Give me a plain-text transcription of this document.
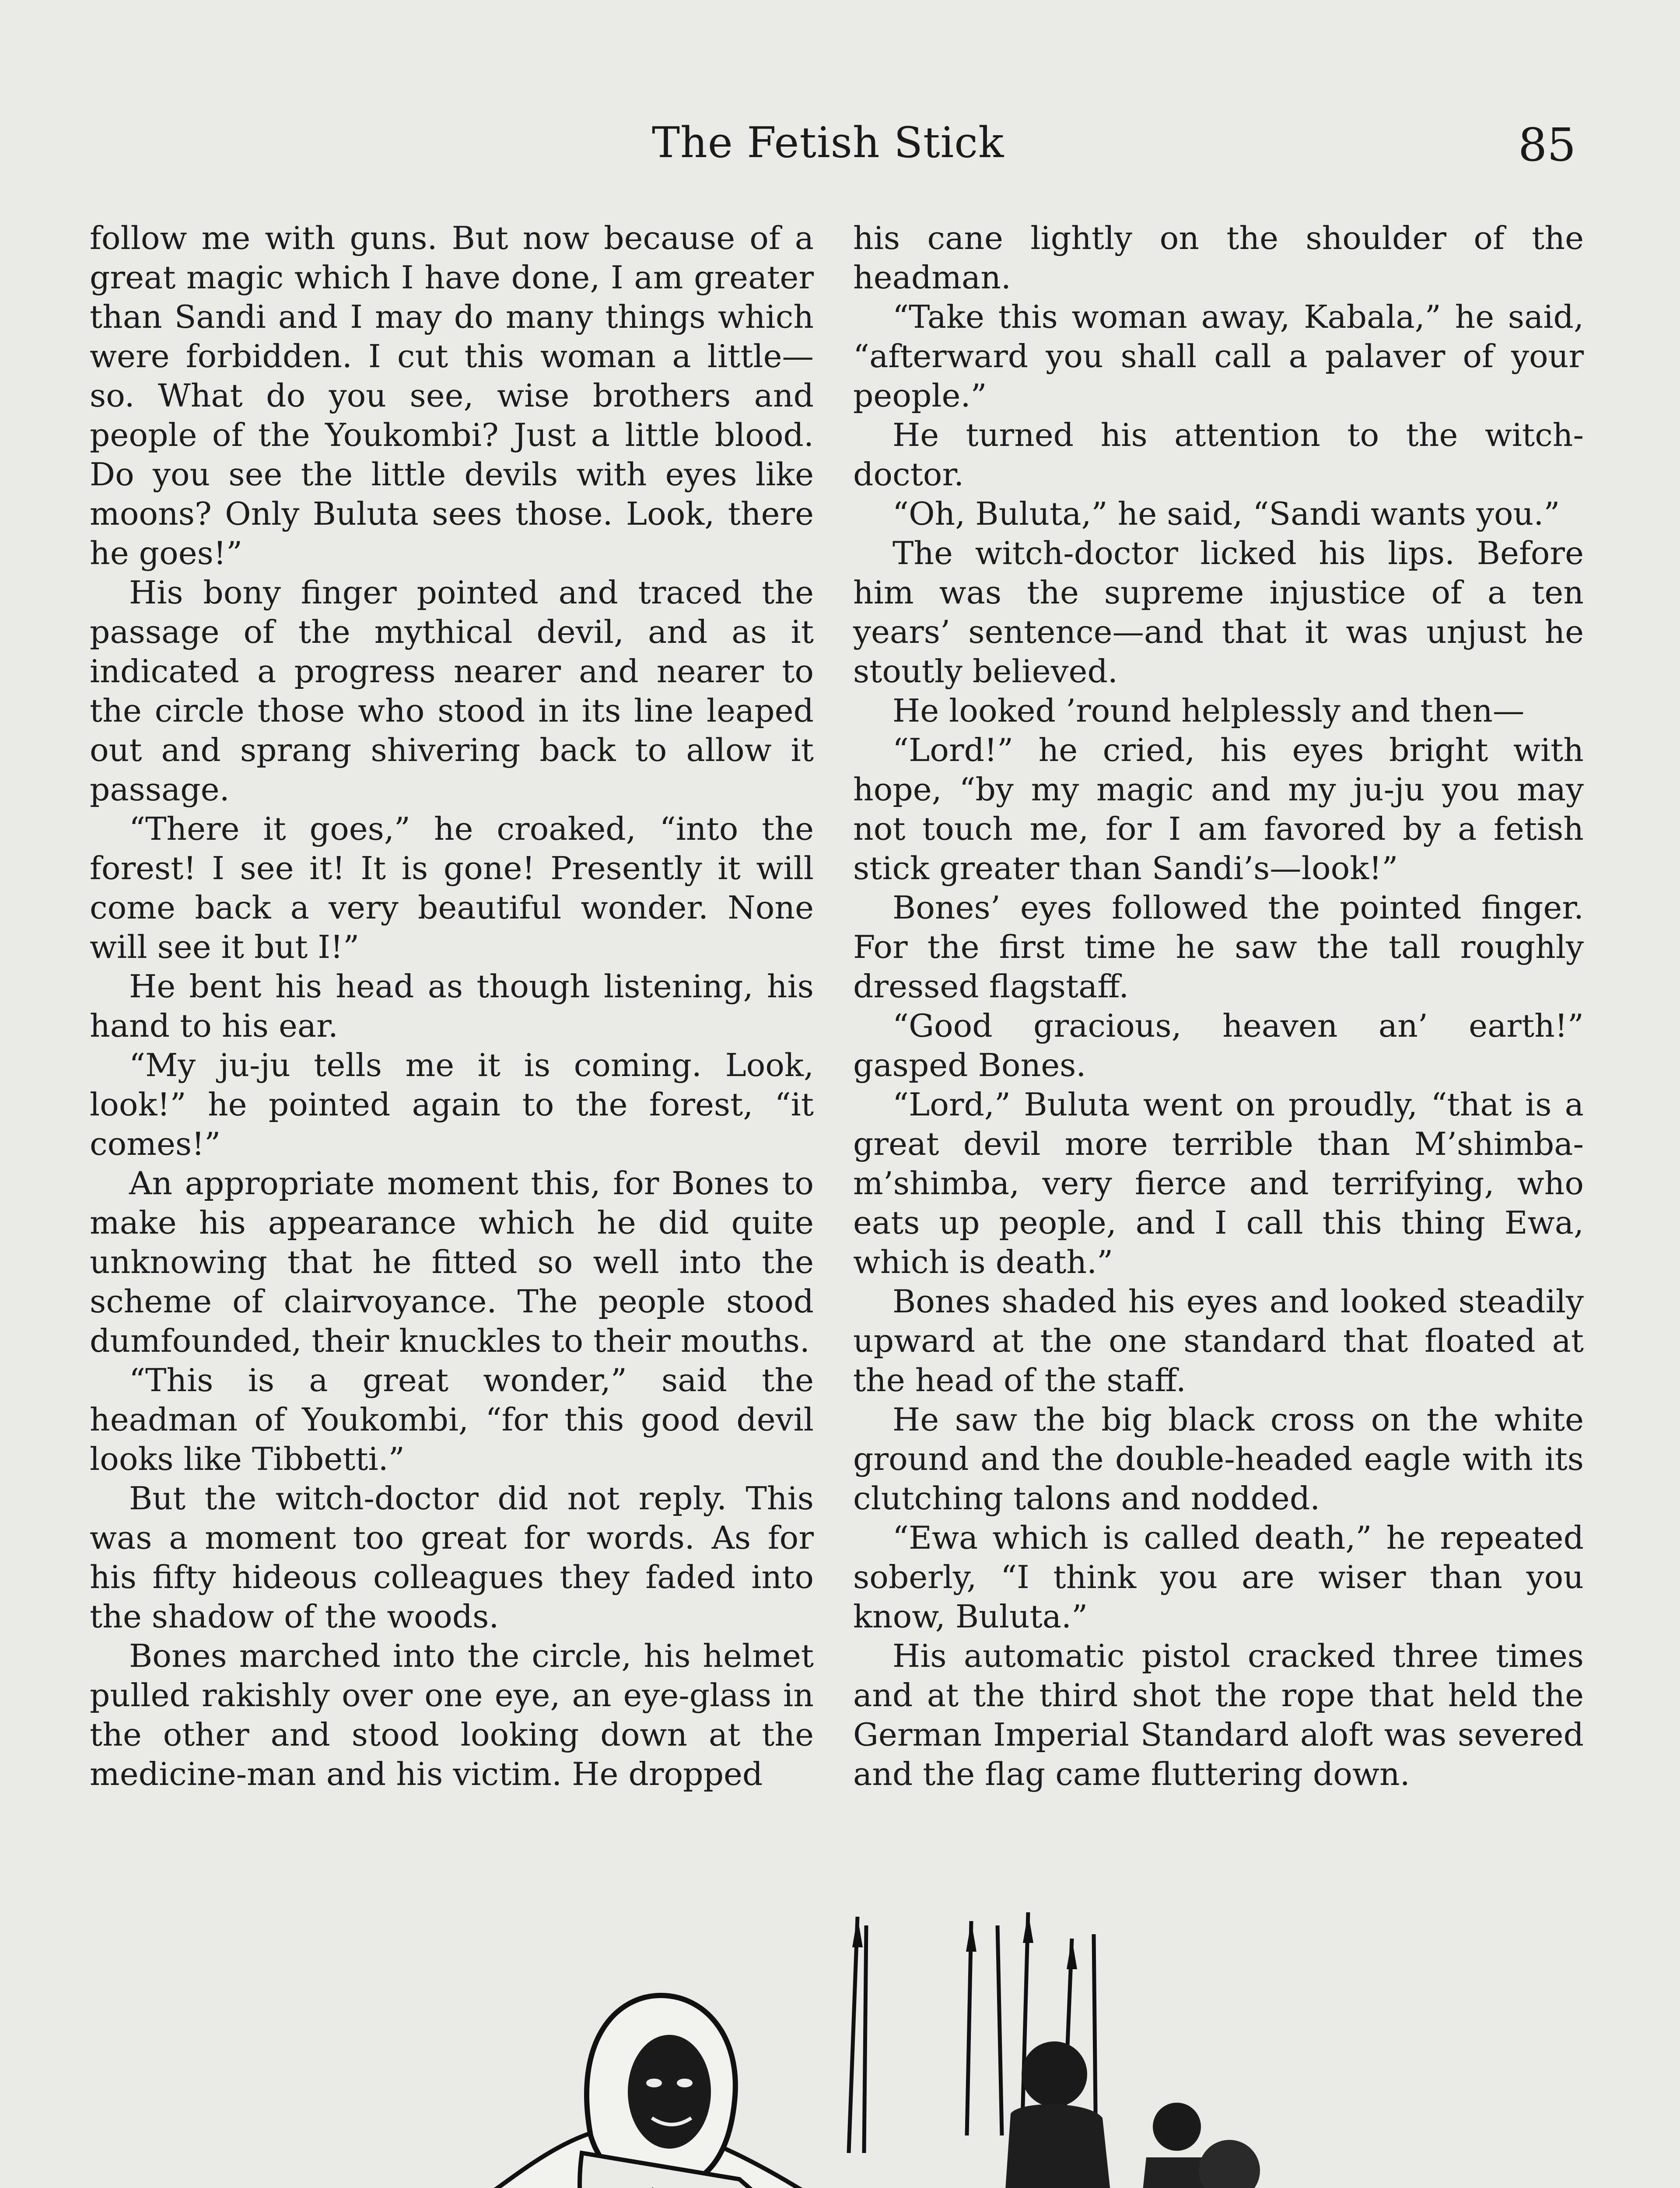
The Fetish Stick	85

follow me with guns. But now because of a great magic which I have done, I am greater than Sandi and I may do many things which were forbidden. I cut this woman a little—so. What do you see, wise brothers and people of the Youkombi? Just a little blood. Do you see the little devils with eyes like moons? Only Buluta sees those. Look, there he goes!”

His bony finger pointed and traced the passage of the mythical devil, and as it indicated a progress nearer and nearer to the circle those who stood in its line leaped out and sprang shivering back to allow it passage.

“There it goes,” he croaked, “into the forest! I see it! It is gone! Presently it will come back a very beautiful wonder. None will see it but I!”

He bent his head as though listening, his hand to his ear.

“My ju-ju tells me it is coming. Look, look!” he pointed again to the forest, “it comes!”

An appropriate moment this, for Bones to make his appearance which he did quite unknowing that he fitted so well into the scheme of clairvoyance. The people stood dumfounded, their knuckles to their mouths.

“This is a great wonder,” said the headman of Youkombi, “for this good devil looks like Tibbetti.”

But the witch-doctor did not reply. This was a moment too great for words. As for his fifty hideous colleagues they faded into the shadow of the woods.

Bones marched into the circle, his helmet pulled rakishly over one eye, an eye-glass in the other and stood looking down at the medicine-man and his victim. He dropped

his cane lightly on the shoulder of the headman.

“Take this woman away, Kabala,” he said, “afterward you shall call a palaver of your people.”

He turned his attention to the witch-doctor.

“Oh, Buluta,” he said, “Sandi wants you.”

The witch-doctor licked his lips. Before him was the supreme injustice of a ten years’ sentence—and that it was unjust he stoutly believed.

He looked ’round helplessly and then—

“Lord!” he cried, his eyes bright with hope, “by my magic and my ju-ju you may not touch me, for I am favored by a fetish stick greater than Sandi’s—look!”

Bones’ eyes followed the pointed finger. For the first time he saw the tall roughly dressed flagstaff.

“Good gracious, heaven an’ earth!” gasped Bones.

“Lord,” Buluta went on proudly, “that is a great devil more terrible than M’shimba-m’shimba, very fierce and terrifying, who eats up people, and I call this thing Ewa, which is death.”

Bones shaded his eyes and looked steadily upward at the one standard that floated at the head of the staff.

He saw the big black cross on the white ground and the double-headed eagle with its clutching talons and nodded.

“Ewa which is called death,” he repeated soberly, “I think you are wiser than you know, Buluta.”

His automatic pistol cracked three times and at the third shot the rope that held the German Imperial Standard aloft was severed and the flag came fluttering down.
